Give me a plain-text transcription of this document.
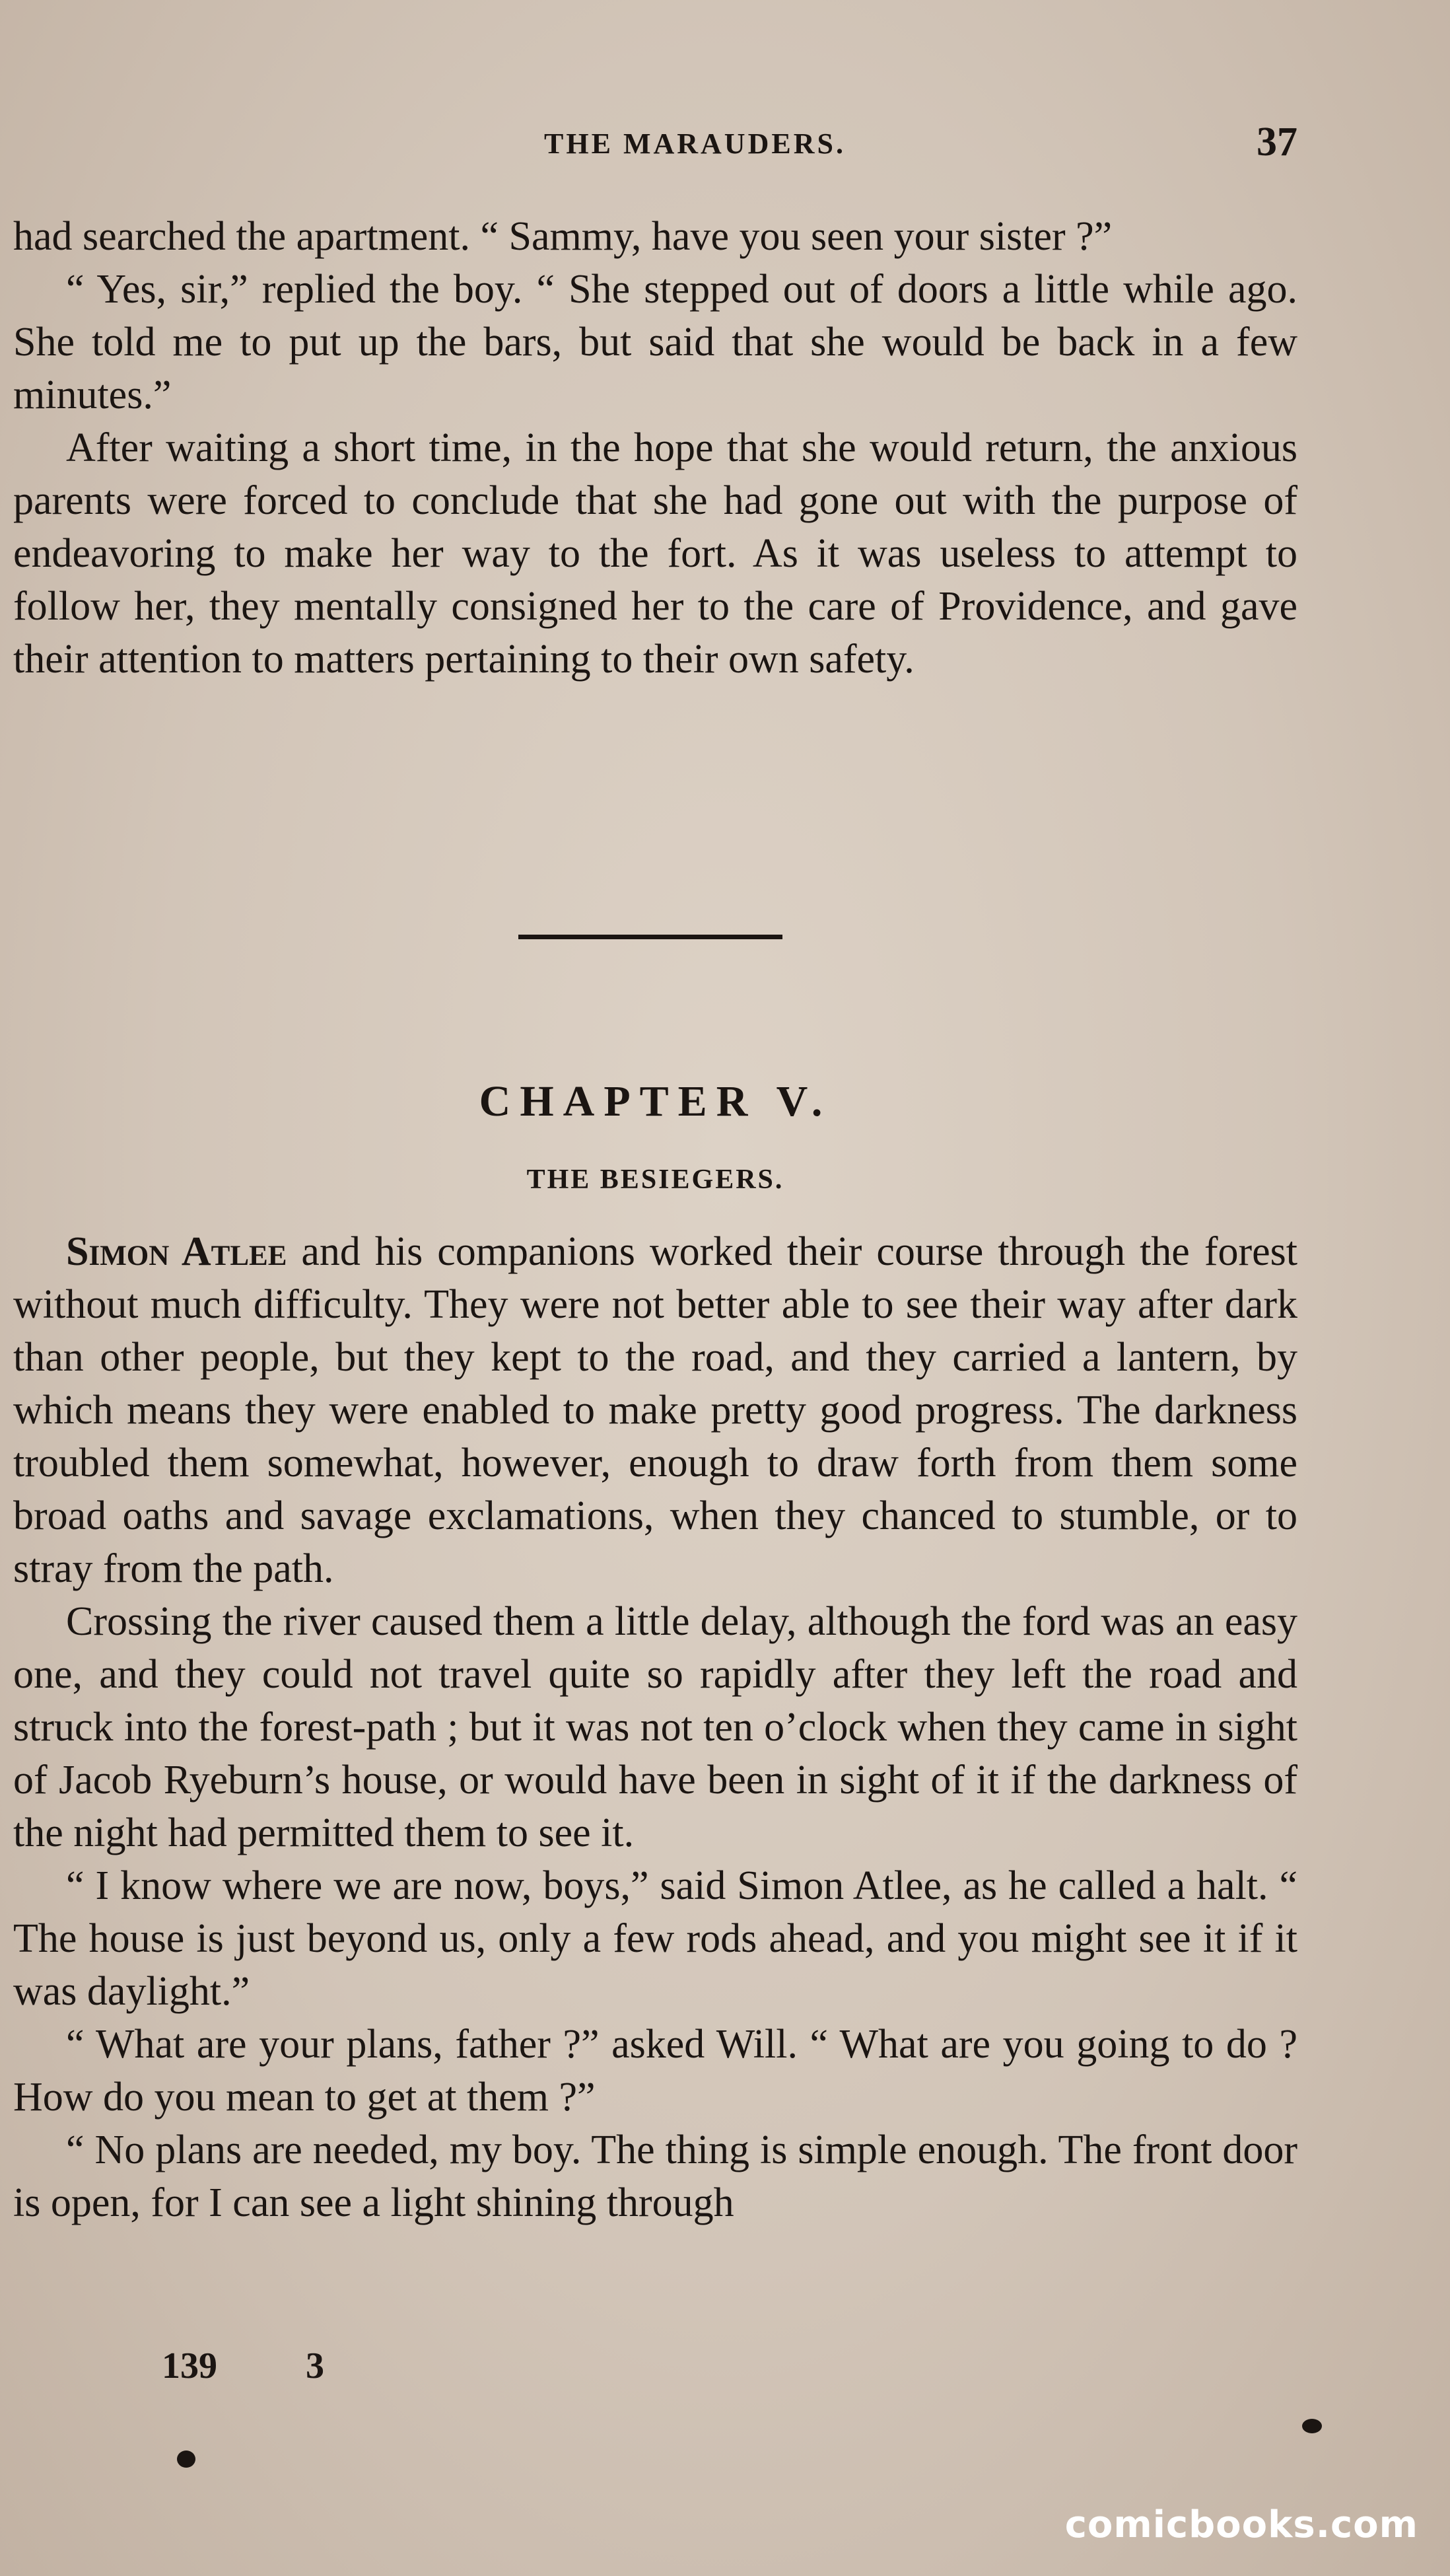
THE MARAUDERS.	37

had searched the apartment. “ Sammy, have you seen your sister ?”

“ Yes, sir,” replied the boy. “ She stepped out of doors a little while ago. She told me to put up the bars, but said that she would be back in a few minutes.”

After waiting a short time, in the hope that she would return, the anxious parents were forced to conclude that she had gone out with the purpose of endeavoring to make her way to the fort. As it was useless to attempt to follow her, they mentally consigned her to the care of Providence, and gave their attention to matters pertaining to their own safety.

CHAPTER V.
THE BESIEGERS.

Simon Atlee and his companions worked their course through the forest without much difficulty. They were not better able to see their way after dark than other people, but they kept to the road, and they carried a lantern, by which means they were enabled to make pretty good progress. The darkness troubled them somewhat, however, enough to draw forth from them some broad oaths and savage exclamations, when they chanced to stumble, or to stray from the path.

Crossing the river caused them a little delay, although the ford was an easy one, and they could not travel quite so rapidly after they left the road and struck into the forest-path ; but it was not ten o’clock when they came in sight of Jacob Ryeburn’s house, or would have been in sight of it if the darkness of the night had permitted them to see it.

“ I know where we are now, boys,” said Simon Atlee, as he called a halt. “ The house is just beyond us, only a few rods ahead, and you might see it if it was daylight.”

“ What are your plans, father ?” asked Will. “ What are you going to do ? How do you mean to get at them ?”

“ No plans are needed, my boy. The thing is simple enough. The front door is open, for I can see a light shining through

139 3
comicbooks.com
